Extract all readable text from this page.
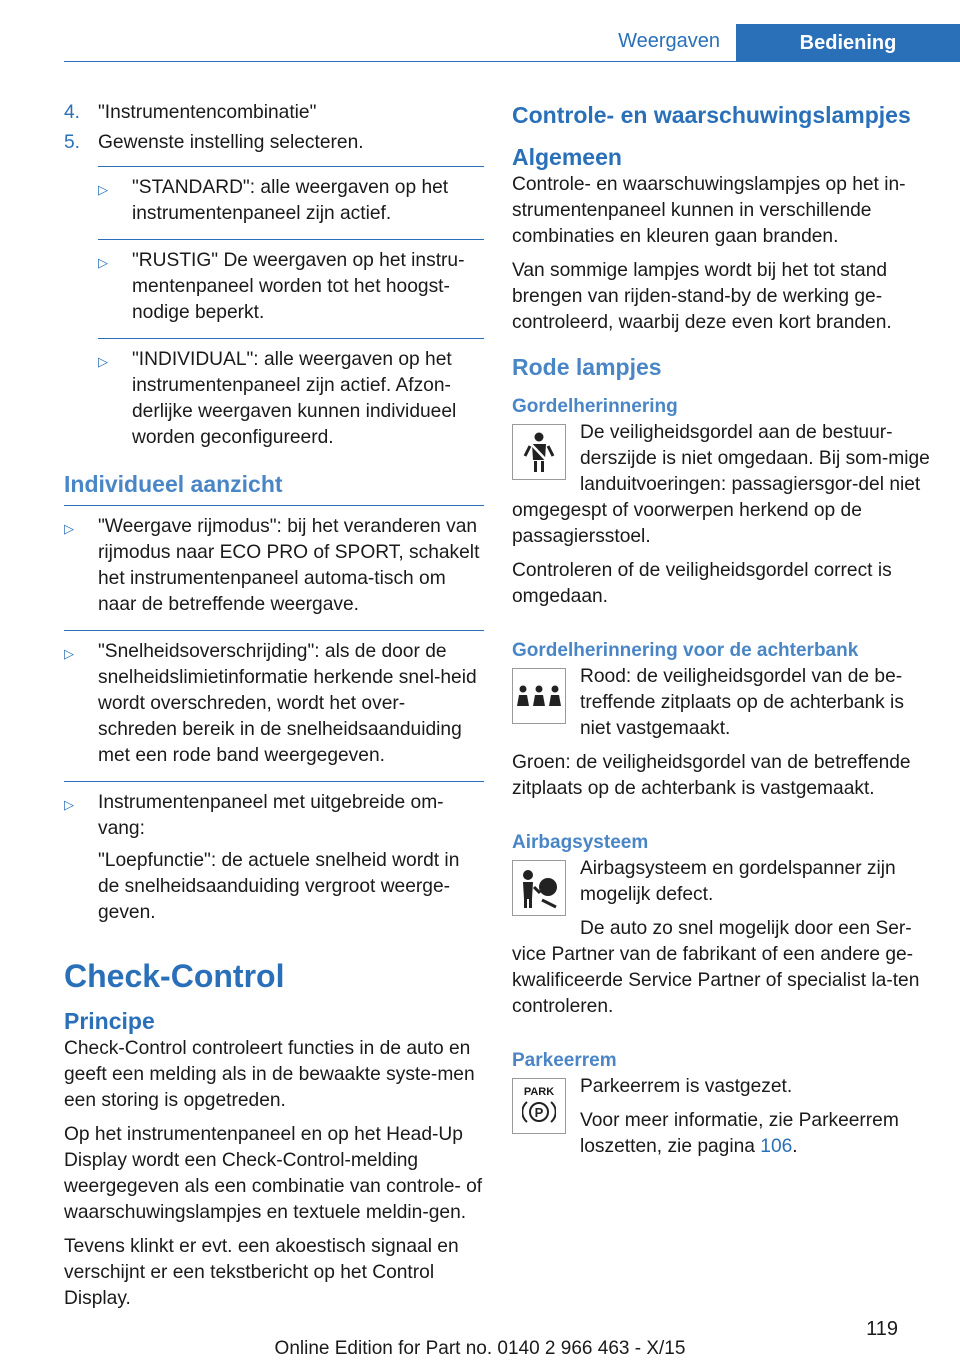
Weergaven	Bediening
4. "Instrumentencombinatie"
5. Gewenste instelling selecteren.
▷	"STANDARD": alle weergaven op het instrumentenpaneel zijn actief.
▷	"RUSTIG" De weergaven op het instru-mentenpaneel worden tot het hoogst-nodige beperkt.
▷	"INDIVIDUAL": alle weergaven op het instrumentenpaneel zijn actief. Afzon-derlijke weergaven kunnen individueel worden geconfigureerd.
Individueel aanzicht
▷	"Weergave rijmodus": bij het veranderen van rijmodus naar ECO PRO of SPORT, schakelt het instrumentenpaneel automa-tisch om naar de betreffende weergave.
▷	"Snelheidsoverschrijding": als de door de snelheidslimietinformatie herkende snel-heid wordt overschreden, wordt het over-schreden bereik in de snelheidsaanduiding met een rode band weergegeven.
▷	Instrumentenpaneel met uitgebreide om-vang:
"Loepfunctie": de actuele snelheid wordt in de snelheidsaanduiding vergroot weerge-geven.
Check-Control
Principe

Check-Control controleert functies in de auto en geeft een melding als in de bewaakte syste-men een storing is opgetreden.

Op het instrumentenpaneel en op het Head-Up Display wordt een Check-Control-melding weergegeven als een combinatie van controle- of waarschuwingslampjes en textuele meldin-gen.

Tevens klinkt er evt. een akoestisch signaal en verschijnt er een tekstbericht op het Control Display.

Controle- en waarschuwingslampjes
Algemeen

Controle- en waarschuwingslampjes op het in-strumentenpaneel kunnen in verschillende combinaties en kleuren gaan branden.

Van sommige lampjes wordt bij het tot stand brengen van rijden-stand-by de werking ge-controleerd, waarbij deze even kort branden.

Rode lampjes
Gordelherinnering

De veiligheidsgordel aan de bestuur-derszijde is niet omgedaan. Bij som-mige landuitvoeringen: passagiersgor-del niet omgegespt of voorwerpen herkend op de passagiersstoel.

Controleren of de veiligheidsgordel correct is omgedaan.

Gordelherinnering voor de achterbank

Rood: de veiligheidsgordel van de be-treffende zitplaats op de achterbank is niet vastgemaakt.

Groen: de veiligheidsgordel van de betreffende zitplaats op de achterbank is vastgemaakt.

Airbagsysteem

Airbagsysteem en gordelspanner zijn mogelijk defect.

De auto zo snel mogelijk door een Ser-vice Partner van de fabrikant of een andere ge-kwalificeerde Service Partner of specialist la-ten controleren.

Parkeerrem
PARK
P

Parkeerrem is vastgezet.

Voor meer informatie, zie Parkeerrem loszetten, zie pagina 106.

119
Online Edition for Part no. 0140 2 966 463 - X/15
